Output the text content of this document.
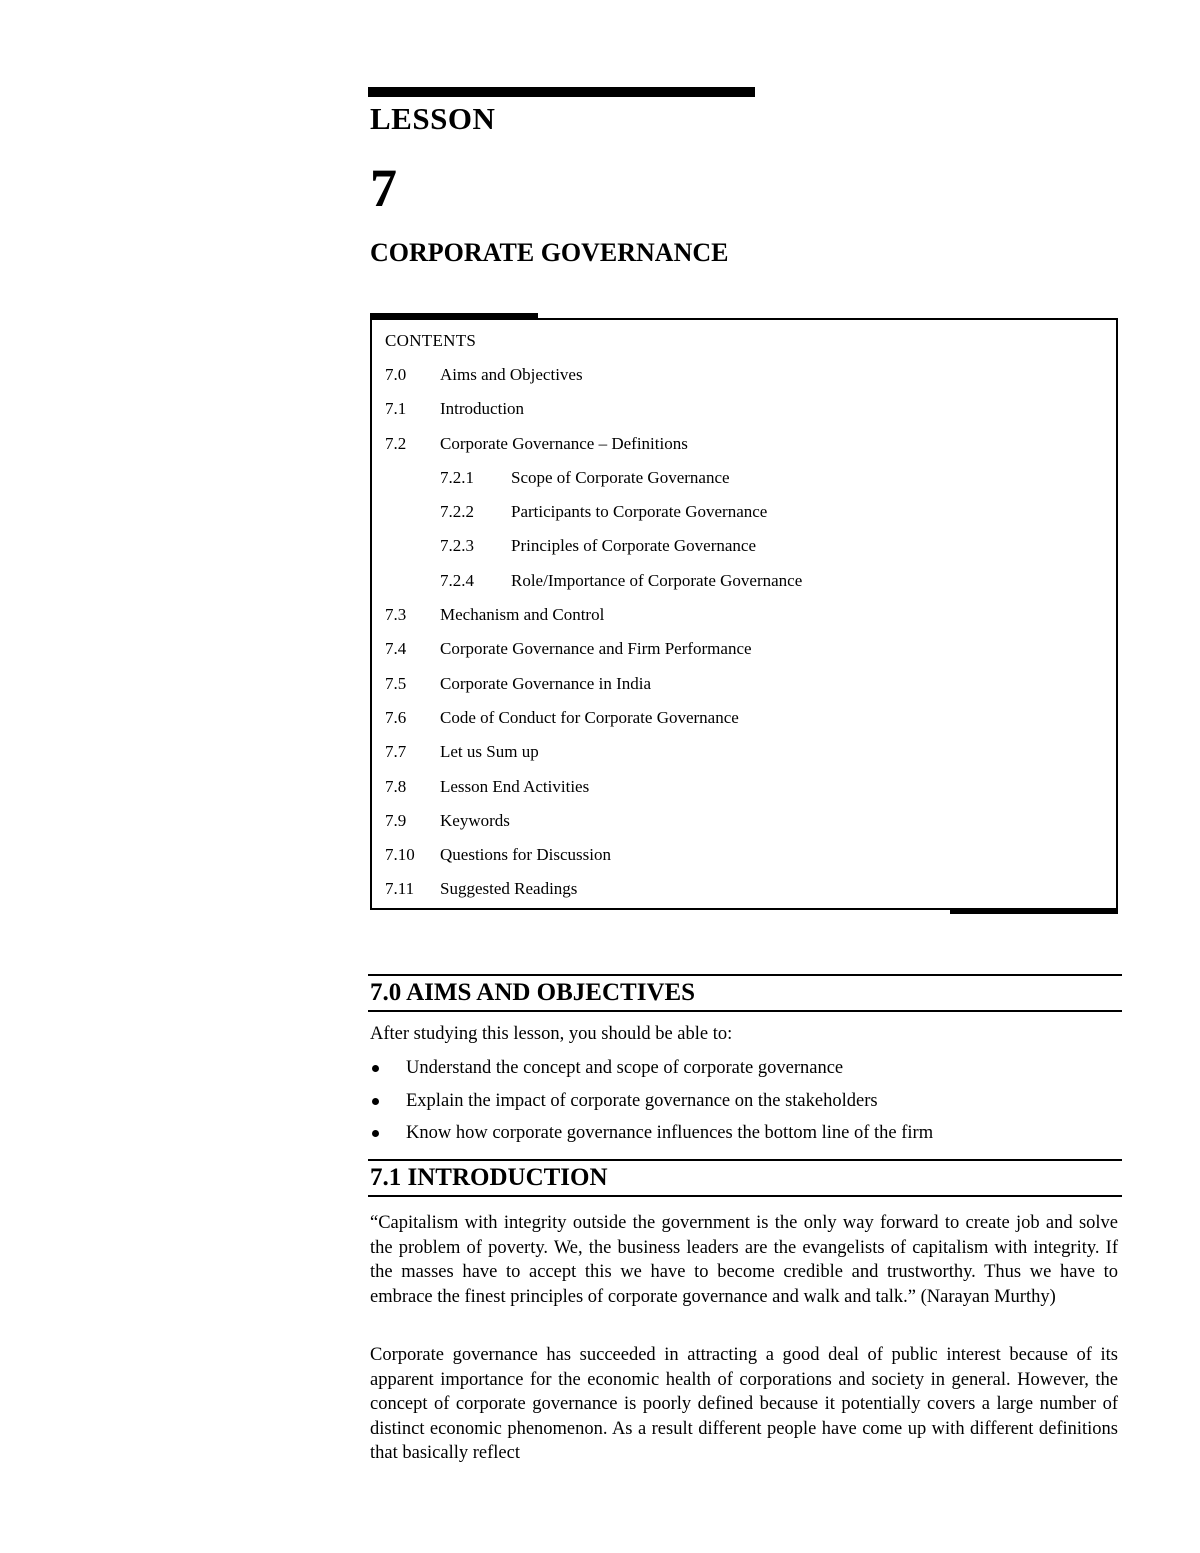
LESSON
7
CORPORATE GOVERNANCE
CONTENTS
7.0 Aims and Objectives
7.1 Introduction
7.2 Corporate Governance – Definitions
7.2.1 Scope of Corporate Governance
7.2.2 Participants to Corporate Governance
7.2.3 Principles of Corporate Governance
7.2.4 Role/Importance of Corporate Governance
7.3 Mechanism and Control
7.4 Corporate Governance and Firm Performance
7.5 Corporate Governance in India
7.6 Code of Conduct for Corporate Governance
7.7 Let us Sum up
7.8 Lesson End Activities
7.9 Keywords
7.10 Questions for Discussion
7.11 Suggested Readings
7.0 AIMS AND OBJECTIVES

After studying this lesson, you should be able to:

Understand the concept and scope of corporate governance
Explain the impact of corporate governance on the stakeholders
Know how corporate governance influences the bottom line of the firm
7.1 INTRODUCTION

“Capitalism with integrity outside the government is the only way forward to create job and solve the problem of poverty. We, the business leaders are the evangelists of capitalism with integrity. If the masses have to accept this we have to become credible and trustworthy. Thus we have to embrace the finest principles of corporate governance and walk and talk.” (Narayan Murthy)

Corporate governance has succeeded in attracting a good deal of public interest because of its apparent importance for the economic health of corporations and society in general. However, the concept of corporate governance is poorly defined because it potentially covers a large number of distinct economic phenomenon. As a result different people have come up with different definitions that basically reflect
